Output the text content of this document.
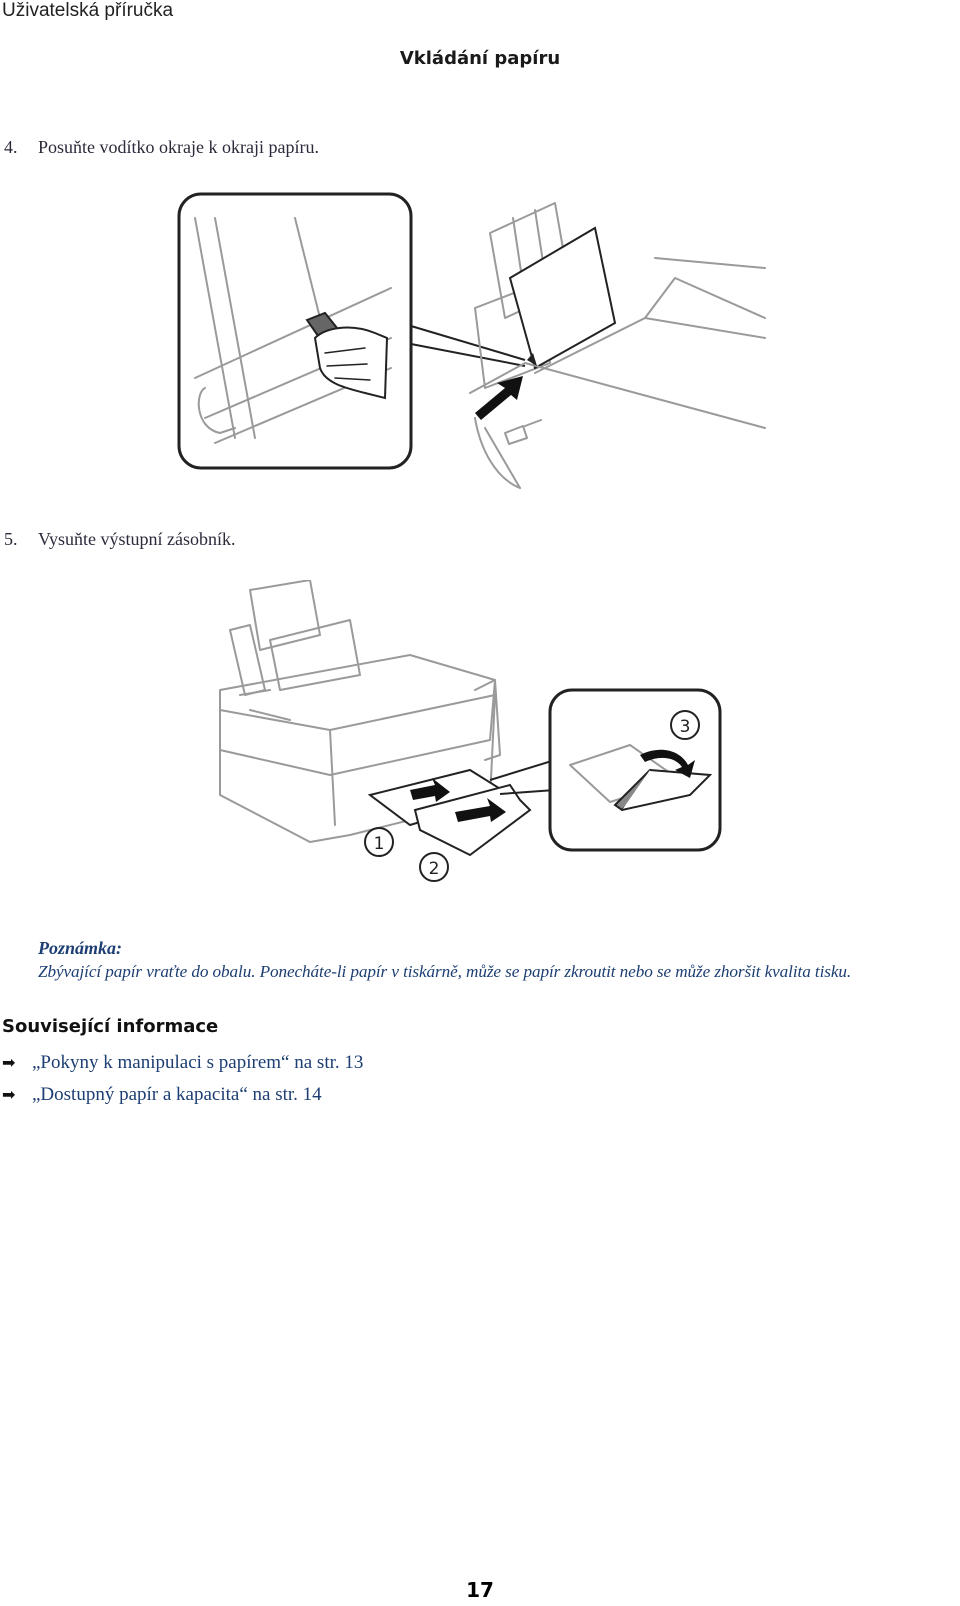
Uživatelská příručka
Vkládání papíru
4. Posuňte vodítko okraje k okraji papíru.
5. Vysuňte výstupní zásobník.
1
2
3
Poznámka:
Zbývající papír vraťte do obalu. Ponecháte-li papír v tiskárně, může se papír zkroutit nebo se může zhoršit kvalita tisku.
Související informace
➡ „Pokyny k manipulaci s papírem“ na str. 13
➡ „Dostupný papír a kapacita“ na str. 14
17
